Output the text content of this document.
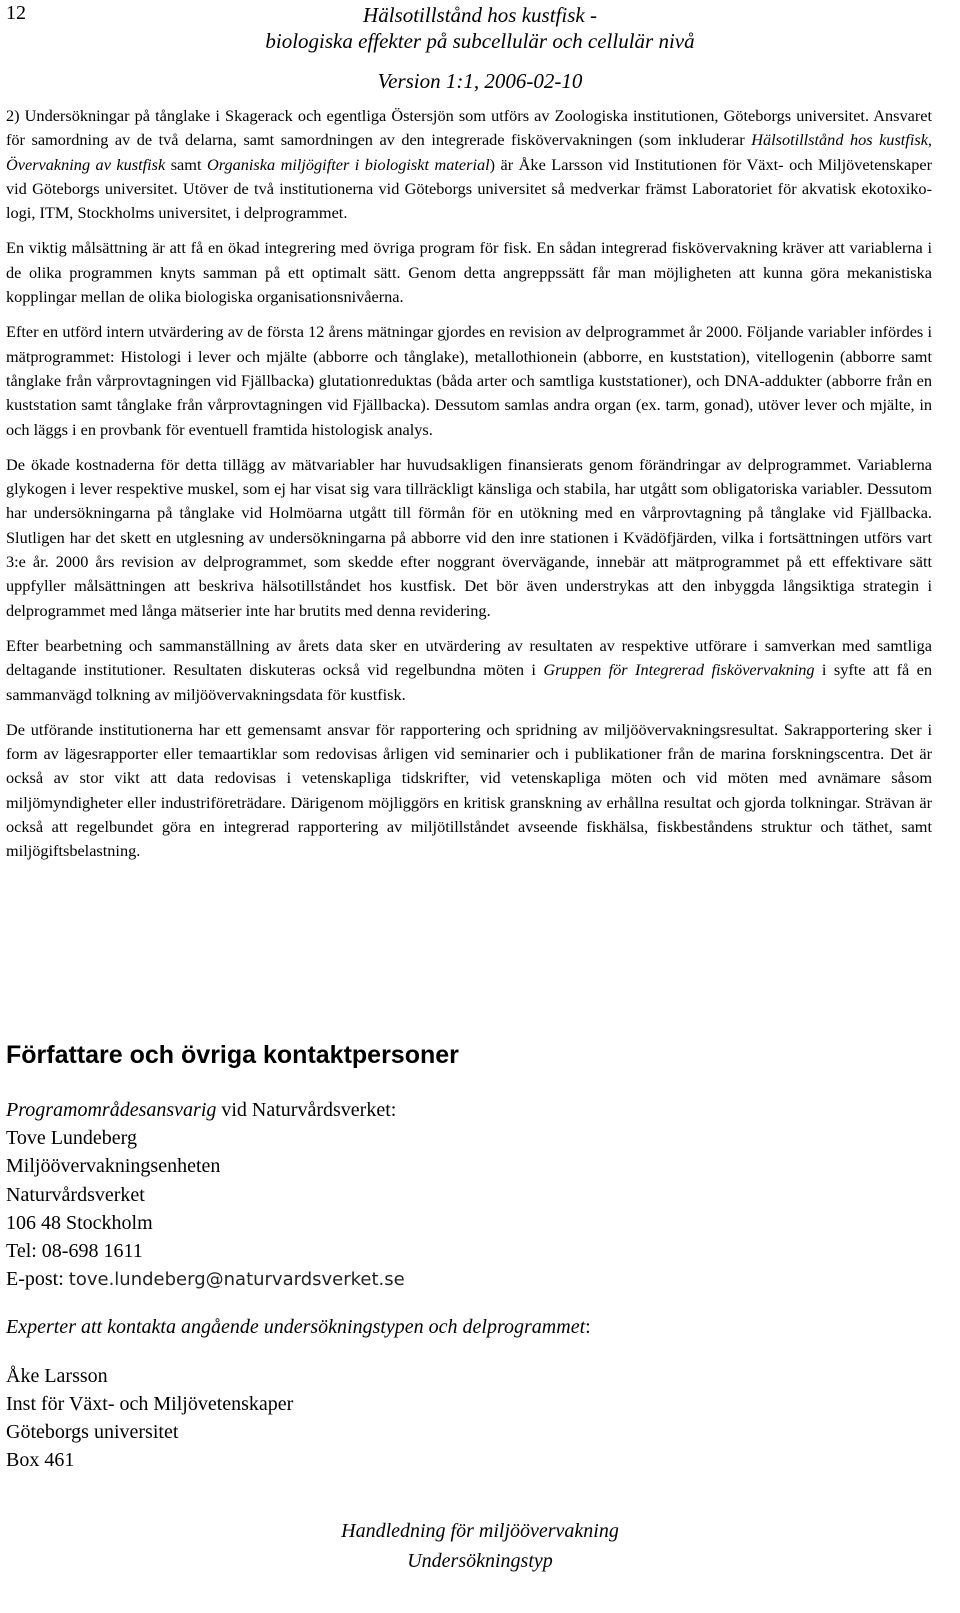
12	Hälsotillstånd hos kustfisk -
biologiska effekter på subcellulär och cellulär nivå
Version 1:1, 2006-02-10

2) Undersökningar på tånglake i Skagerack och egentliga Östersjön som utförs av Zoologiska institutionen, Göteborgs universitet. Ansvaret för samordning av de två delarna, samt samordningen av den integrerade fiskövervakningen (som inkluderar Hälsotillstånd hos kustfisk, Övervakning av kustfisk samt Organiska miljögifter i biologiskt material) är Åke Larsson vid Institutionen för Växt- och Miljövetenskaper vid Göteborgs universitet. Utöver de två institutionerna vid Göteborgs universitet så medverkar främst Laboratoriet för akvatisk ekotoxikologi, ITM, Stockholms universitet, i delprogrammet.

En viktig målsättning är att få en ökad integrering med övriga program för fisk. En sådan integrerad fiskövervakning kräver att variablerna i de olika programmen knyts samman på ett optimalt sätt. Genom detta angreppssätt får man möjligheten att kunna göra mekanistiska kopplingar mellan de olika biologiska organisationsnivåerna.

Efter en utförd intern utvärdering av de första 12 årens mätningar gjordes en revision av delprogrammet år 2000. Följande variabler infördes i mätprogrammet: Histologi i lever och mjälte (abborre och tånglake), metallothionein (abborre, en kuststation), vitellogenin (abborre samt tånglake från vårprovtagningen vid Fjällbacka) glutationreduktas (båda arter och samtliga kuststationer), och DNA-addukter (abborre från en kuststation samt tånglake från vårprovtagningen vid Fjällbacka). Dessutom samlas andra organ (ex. tarm, gonad), utöver lever och mjälte, in och läggs i en provbank för eventuell framtida histologisk analys.

De ökade kostnaderna för detta tillägg av mätvariabler har huvudsakligen finansierats genom förändringar av delprogrammet. Variablerna glykogen i lever respektive muskel, som ej har visat sig vara tillräckligt känsliga och stabila, har utgått som obligatoriska variabler. Dessutom har undersökningarna på tånglake vid Holmöarna utgått till förmån för en utökning med en vårprovtagning på tånglake vid Fjällbacka. Slutligen har det skett en utglesning av undersökningarna på abborre vid den inre stationen i Kvädöfjärden, vilka i fortsättningen utförs vart 3:e år. 2000 års revision av delprogrammet, som skedde efter noggrant övervägande, innebär att mätprogrammet på ett effektivare sätt uppfyller målsättningen att beskriva hälsotillståndet hos kustfisk. Det bör även understrykas att den inbyggda långsiktiga strategin i delprogrammet med långa mätserier inte har brutits med denna revidering.

Efter bearbetning och sammanställning av årets data sker en utvärdering av resultaten av respektive utförare i samverkan med samtliga deltagande institutioner. Resultaten diskuteras också vid regelbundna möten i Gruppen för Integrerad fiskövervakning i syfte att få en sammanvägd tolkning av miljöövervakningsdata för kustfisk.

De utförande institutionerna har ett gemensamt ansvar för rapportering och spridning av miljöövervakningsresultat. Sakrapportering sker i form av lägesrapporter eller temaartiklar som redovisas årligen vid seminarier och i publikationer från de marina forskningscentra. Det är också av stor vikt att data redovisas i vetenskapliga tidskrifter, vid vetenskapliga möten och vid möten med avnämare såsom miljömyndigheter eller industriföreträdare. Därigenom möjliggörs en kritisk granskning av erhållna resultat och gjorda tolkningar. Strävan är också att regelbundet göra en integrerad rapportering av miljötillståndet avseende fiskhälsa, fiskbeståndens struktur och täthet, samt miljögiftsbelastning.

Författare och övriga kontaktpersoner
Programområdesansvarig vid Naturvårdsverket:
Tove Lundeberg
Miljöövervakningsenheten
Naturvårdsverket
106 48 Stockholm
Tel: 08-698 1611
E-post: tove.lundeberg@naturvardsverket.se
Experter att kontakta angående undersökningstypen och delprogrammet:
Åke Larsson
Inst för Växt- och Miljövetenskaper
Göteborgs universitet
Box 461
Handledning för miljöövervakning
Undersökningstyp
